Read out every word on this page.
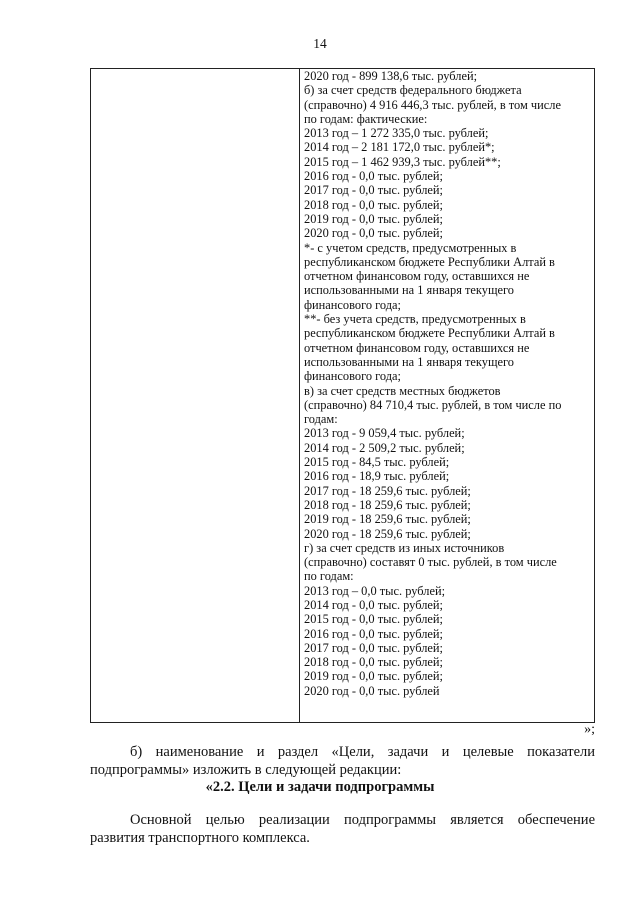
14
2020 год - 899 138,6 тыс. рублей;
б) за счет средств федерального бюджета
(справочно) 4 916 446,3 тыс. рублей, в том числе
по годам: фактические:
2013 год – 1 272 335,0 тыс. рублей;
2014 год – 2 181 172,0 тыс. рублей*;
2015 год – 1 462 939,3 тыс. рублей**;
2016 год - 0,0 тыс. рублей;
2017 год - 0,0 тыс. рублей;
2018 год - 0,0 тыс. рублей;
2019 год - 0,0 тыс. рублей;
2020 год - 0,0 тыс. рублей;
*- с учетом средств, предусмотренных в
республиканском бюджете Республики Алтай в
отчетном финансовом году, оставшихся не
использованными на 1 января текущего
финансового года;
**- без учета средств, предусмотренных в
республиканском бюджете Республики Алтай в
отчетном финансовом году, оставшихся не
использованными на 1 января текущего
финансового года;
в) за счет средств местных бюджетов
(справочно) 84 710,4 тыс. рублей, в том числе по
годам:
2013 год - 9 059,4 тыс. рублей;
2014 год - 2 509,2 тыс. рублей;
2015 год - 84,5 тыс. рублей;
2016 год - 18,9 тыс. рублей;
2017 год - 18 259,6 тыс. рублей;
2018 год - 18 259,6 тыс. рублей;
2019 год - 18 259,6 тыс. рублей;
2020 год - 18 259,6 тыс. рублей;
г) за счет средств из иных источников
(справочно) составят 0 тыс. рублей, в том числе
по годам:
2013 год – 0,0 тыс. рублей;
2014 год - 0,0 тыс. рублей;
2015 год - 0,0 тыс. рублей;
2016 год - 0,0 тыс. рублей;
2017 год - 0,0 тыс. рублей;
2018 год - 0,0 тыс. рублей;
2019 год - 0,0 тыс. рублей;
2020 год - 0,0 тыс. рублей
»;
б) наименование и раздел «Цели, задачи и целевые показатели
подпрограммы» изложить в следующей редакции:
«2.2. Цели и задачи подпрограммы
Основной целью реализации подпрограммы является обеспечение
развития транспортного комплекса.
